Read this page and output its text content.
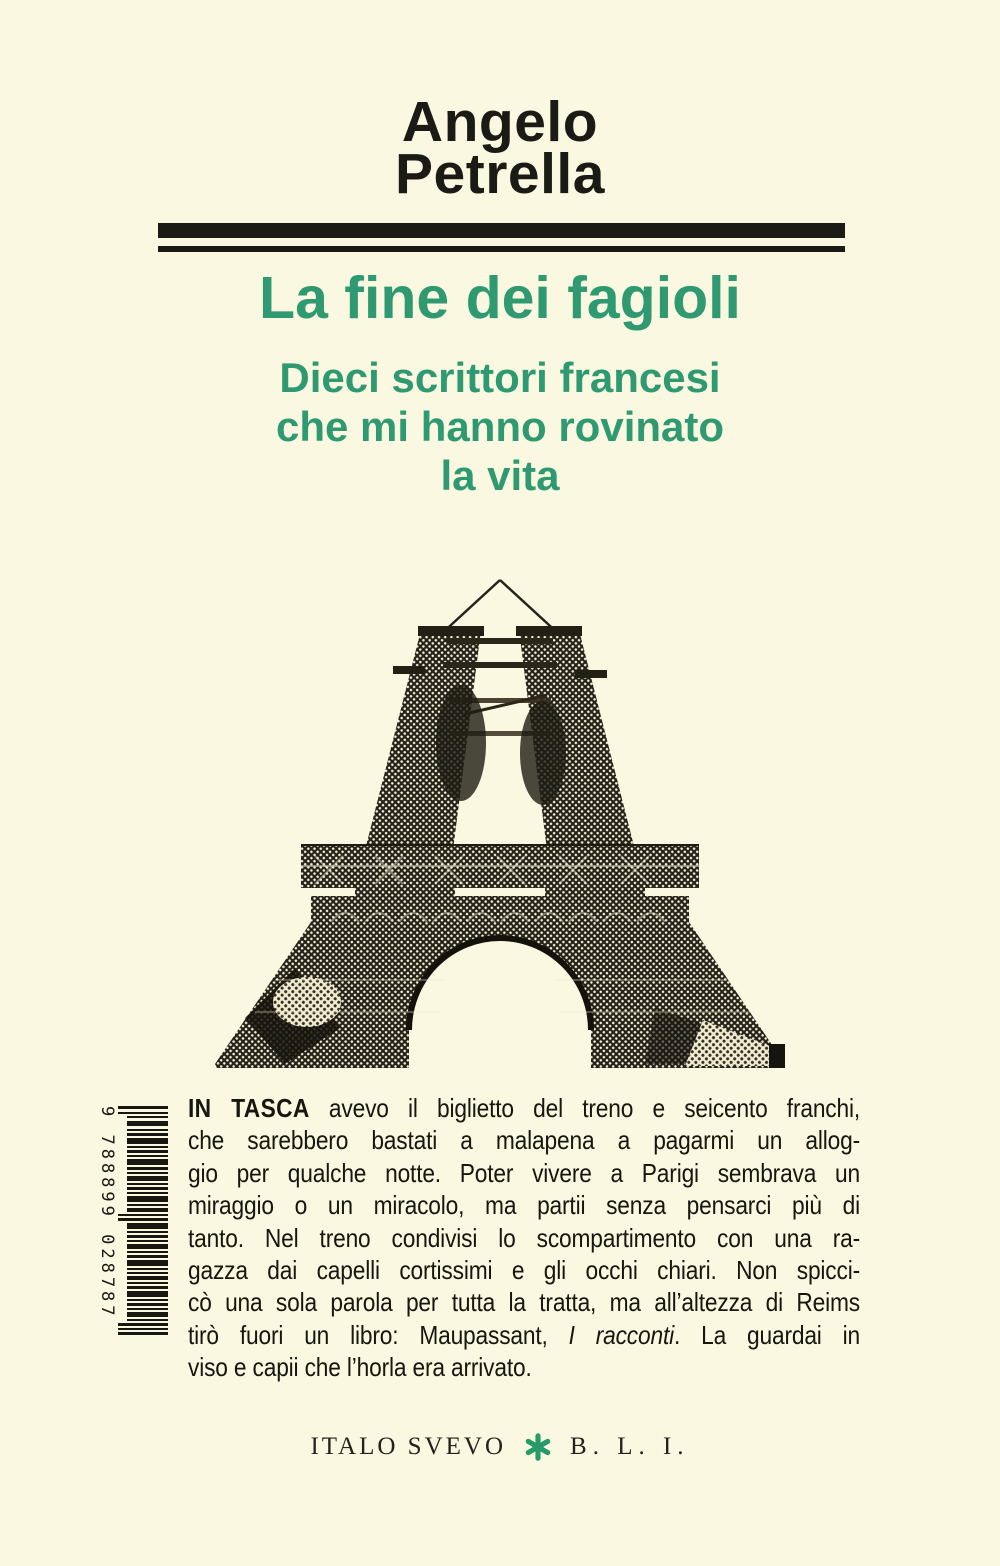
Angelo
Petrella
La fine dei fagioli
Dieci scrittori francesi
che mi hanno rovinato
la vita
9 788899 028787	IN TASCA avevo il biglietto del treno e seicento franchi,
che sarebbero bastati a malapena a pagarmi un allog-
gio per qualche notte. Poter vivere a Parigi sembrava un
miraggio o un miracolo, ma partii senza pensarci più di
tanto. Nel treno condivisi lo scompartimento con una ra-
gazza dai capelli cortissimi e gli occhi chiari. Non spicci-
cò una sola parola per tutta la tratta, ma all’altezza di Reims
tirò fuori un libro: Maupassant, I racconti. La guardai in
viso e capii che l’horla era arrivato.
ITALO SVEVO	B. L. I.
